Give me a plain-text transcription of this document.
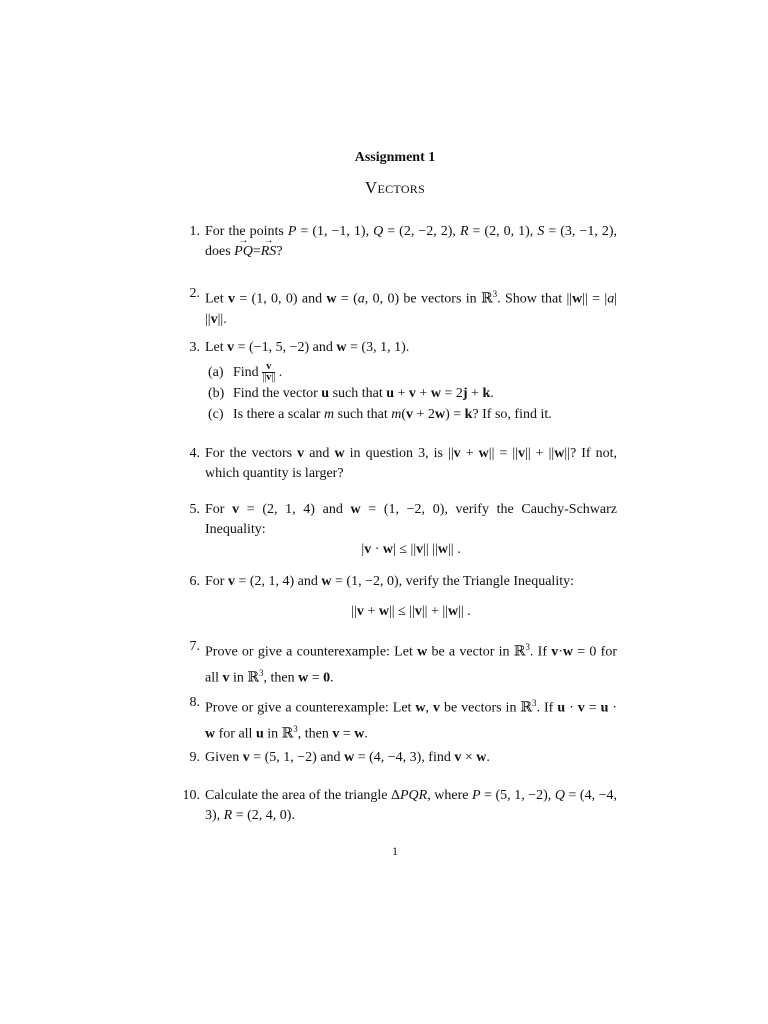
Assignment 1
Vectors
1. For the points P = (1, −1, 1), Q = (2, −2, 2), R = (2, 0, 1), S = (3, −1, 2), does → PQ=→ RS?
2. Let v = (1, 0, 0) and w = (a, 0, 0) be vectors in ℝ$^3$. Show that ||w|| = |a| ||v||.
3. Let v = (−1, 5, −2) and w = (3, 1, 1).
(a) Find $\frac{v}{||v||}$ .
(b) Find the vector u such that u + v + w = 2j + k.
(c) Is there a scalar m such that m(v + 2w) = k? If so, find it.
4. For the vectors v and w in question 3, is ||v + w|| = ||v|| + ||w||? If not, which quantity is larger?
5. For v = (2, 1, 4) and w = (1, −2, 0), verify the Cauchy-Schwarz Inequality:
|v · w| ≤ ||v|| ||w|| .
6. For v = (2, 1, 4) and w = (1, −2, 0), verify the Triangle Inequality:
||v + w|| ≤ ||v|| + ||w|| .
7. Prove or give a counterexample: Let w be a vector in ℝ$^3$. If v·w = 0 for all v in ℝ$^3$, then w = 0.
8. Prove or give a counterexample: Let w, v be vectors in ℝ$^3$. If u · v = u · w for all u in ℝ$^3$, then v = w.
9. Given v = (5, 1, −2) and w = (4, −4, 3), find v × w.
10. Calculate the area of the triangle ΔPQR, where P = (5, 1, −2), Q = (4, −4, 3), R = (2, 4, 0).
1
